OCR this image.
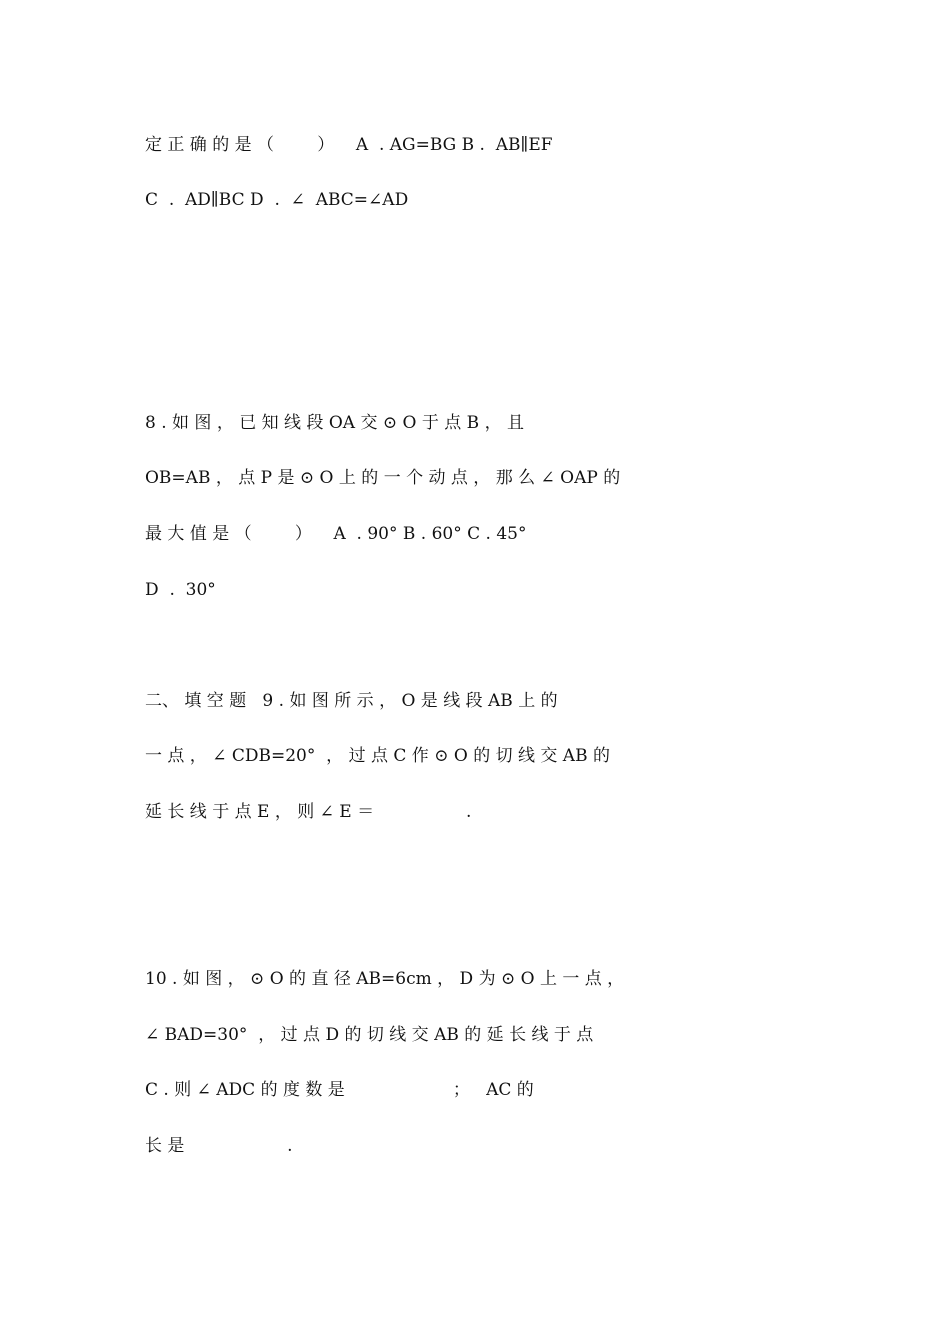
定 正 确 的 是 （        ）    A  . AG=BG B .  AB∥EF
C  .  AD∥BC D  .  ∠  ABC=∠AD
8 . 如 图 ， 已 知 线 段 OA 交 ⊙ O 于 点 B ， 且
OB=AB ， 点 P 是 ⊙ O 上 的 一 个 动 点 ， 那 么 ∠ OAP 的
最 大 值 是 （        ）    A  . 90° B . 60° C . 45°
D  .  30°
二、 填 空 题   9 . 如 图 所 示 ， O 是 线 段 AB 上 的
一 点 ， ∠ CDB=20°  ， 过 点 C 作 ⊙ O 的 切 线 交 AB 的
延 长 线 于 点 E ， 则 ∠ E ＝                 .
10 . 如 图 ， ⊙ O 的 直 径 AB=6cm ， D 为 ⊙ O 上 一 点 ，
∠ BAD=30°  ， 过 点 D 的 切 线 交 AB 的 延 长 线 于 点
C . 则 ∠ ADC 的 度 数 是                    ；   AC 的
长 是                   .
